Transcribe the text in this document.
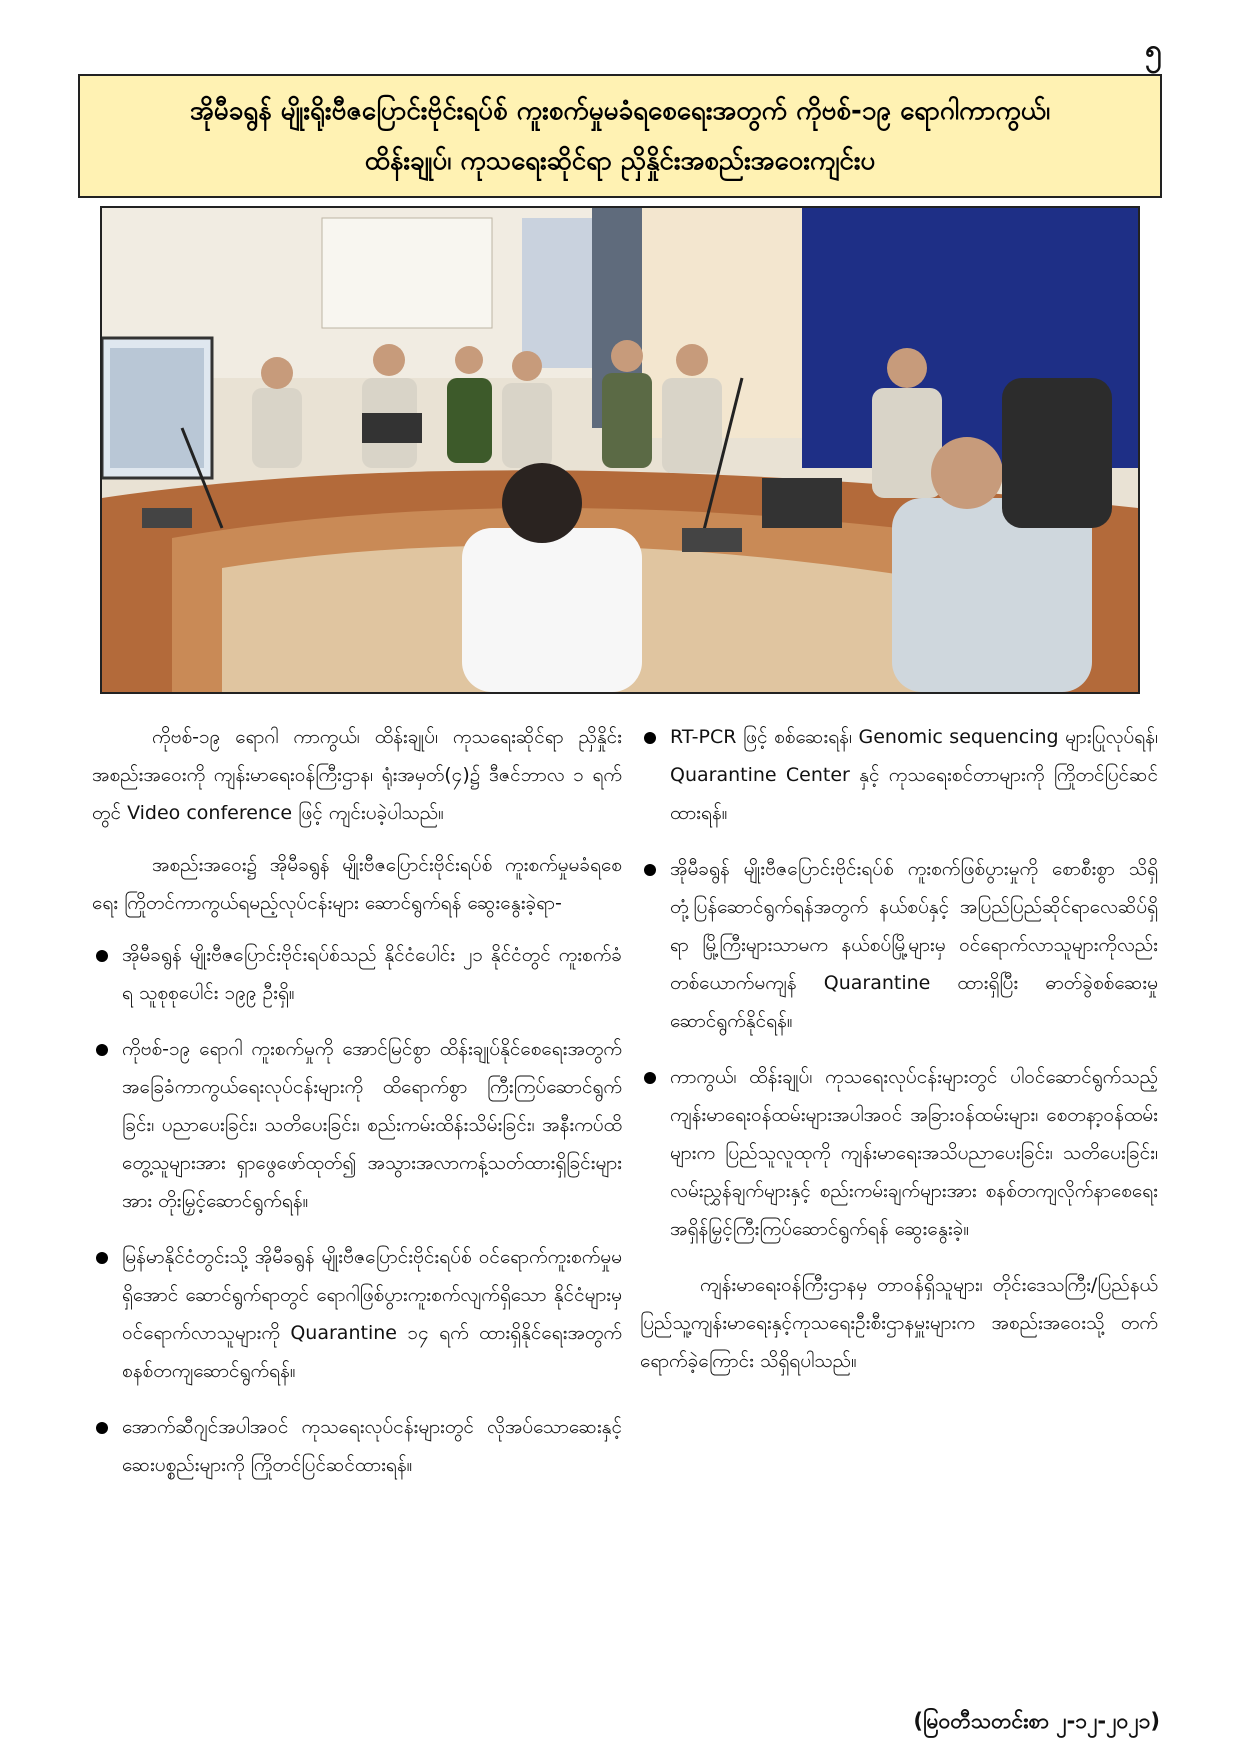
၅
အိုမီခရွန် မျိုးရိုးဗီဇပြောင်းဗိုင်းရပ်စ် ကူးစက်မှုမခံရစေရေးအတွက် ကိုဗစ်-၁၉ ရောဂါကာကွယ်၊
ထိန်းချုပ်၊ ကုသရေးဆိုင်ရာ ညှိနှိုင်းအစည်းအဝေးကျင်းပ

ကိုဗစ်-၁၉ ရောဂါ ကာကွယ်၊ ထိန်းချုပ်၊ ကုသရေးဆိုင်ရာ ညှိနှိုင်းအစည်းအဝေးကို ကျန်းမာရေးဝန်ကြီးဌာန၊ ရုံးအမှတ်(၄)၌ ဒီဇင်ဘာလ ၁ ရက်တွင် Video conference ဖြင့် ကျင်းပခဲ့ပါသည်။

အစည်းအဝေး၌ အိုမီခရွန် မျိုးဗီဇပြောင်းဗိုင်းရပ်စ် ကူးစက်မှုမခံရစေရေး ကြိုတင်ကာကွယ်ရမည့်လုပ်ငန်းများ ဆောင်ရွက်ရန် ဆွေးနွေးခဲ့ရာ-

အိုမီခရွန် မျိုးဗီဇပြောင်းဗိုင်းရပ်စ်သည် နိုင်ငံပေါင်း ၂၁ နိုင်ငံတွင် ကူးစက်ခံရ သူစုစုပေါင်း ၁၉၉ ဦးရှိ။
ကိုဗစ်-၁၉ ရောဂါ ကူးစက်မှုကို အောင်မြင်စွာ ထိန်းချုပ်နိုင်စေရေးအတွက် အခြေခံကာကွယ်ရေးလုပ်ငန်းများကို ထိရောက်စွာ ကြီးကြပ်ဆောင်ရွက်ခြင်း၊ ပညာပေးခြင်း၊ သတိပေးခြင်း၊ စည်းကမ်းထိန်းသိမ်းခြင်း၊ အနီးကပ်ထိတွေ့သူများအား ရှာဖွေဖော်ထုတ်၍ အသွားအလာကန့်သတ်ထားရှိခြင်းများအား တိုးမြှင့်ဆောင်ရွက်ရန်။
မြန်မာနိုင်ငံတွင်းသို့ အိုမီခရွန် မျိုးဗီဇပြောင်းဗိုင်းရပ်စ် ဝင်ရောက်ကူးစက်မှုမရှိအောင် ဆောင်ရွက်ရာတွင် ရောဂါဖြစ်ပွားကူးစက်လျက်ရှိသော နိုင်ငံများမှ ဝင်ရောက်လာသူများကို Quarantine ၁၄ ရက် ထားရှိနိုင်ရေးအတွက် စနစ်တကျဆောင်ရွက်ရန်။
အောက်ဆီဂျင်အပါအဝင် ကုသရေးလုပ်ငန်းများတွင် လိုအပ်သောဆေးနှင့်ဆေးပစ္စည်းများကို ကြိုတင်ပြင်ဆင်ထားရန်။
RT-PCR ဖြင့် စစ်ဆေးရန်၊ Genomic sequencing များပြုလုပ်ရန်၊ Quarantine Center နှင့် ကုသရေးစင်တာများကို ကြိုတင်ပြင်ဆင်ထားရန်။
အိုမီခရွန် မျိုးဗီဇပြောင်းဗိုင်းရပ်စ် ကူးစက်ဖြစ်ပွားမှုကို စောစီးစွာ သိရှိတုံ့ပြန်ဆောင်ရွက်ရန်အတွက် နယ်စပ်နှင့် အပြည်ပြည်ဆိုင်ရာလေဆိပ်ရှိရာ မြို့ကြီးများသာမက နယ်စပ်မြို့များမှ ဝင်ရောက်လာသူများကိုလည်း တစ်ယောက်မကျန် Quarantine ထားရှိပြီး ဓာတ်ခွဲစစ်ဆေးမှုဆောင်ရွက်နိုင်ရန်။
ကာကွယ်၊ ထိန်းချုပ်၊ ကုသရေးလုပ်ငန်းများတွင် ပါဝင်ဆောင်ရွက်သည့် ကျန်းမာရေးဝန်ထမ်းများအပါအဝင် အခြားဝန်ထမ်းများ၊ စေတနာ့ဝန်ထမ်းများက ပြည်သူလူထုကို ကျန်းမာရေးအသိပညာပေးခြင်း၊ သတိပေးခြင်း၊ လမ်းညွှန်ချက်များနှင့် စည်းကမ်းချက်များအား စနစ်တကျလိုက်နာစေရေး အရှိန်မြှင့်ကြီးကြပ်ဆောင်ရွက်ရန် ဆွေးနွေးခဲ့။

ကျန်းမာရေးဝန်ကြီးဌာနမှ တာဝန်ရှိသူများ၊ တိုင်းဒေသကြီး/ပြည်နယ် ပြည်သူ့ကျန်းမာရေးနှင့်ကုသရေးဦးစီးဌာနမှူးများက အစည်းအဝေးသို့ တက်ရောက်ခဲ့ကြောင်း သိရှိရပါသည်။

(မြဝတီသတင်းစာ ၂-၁၂-၂၀၂၁)
